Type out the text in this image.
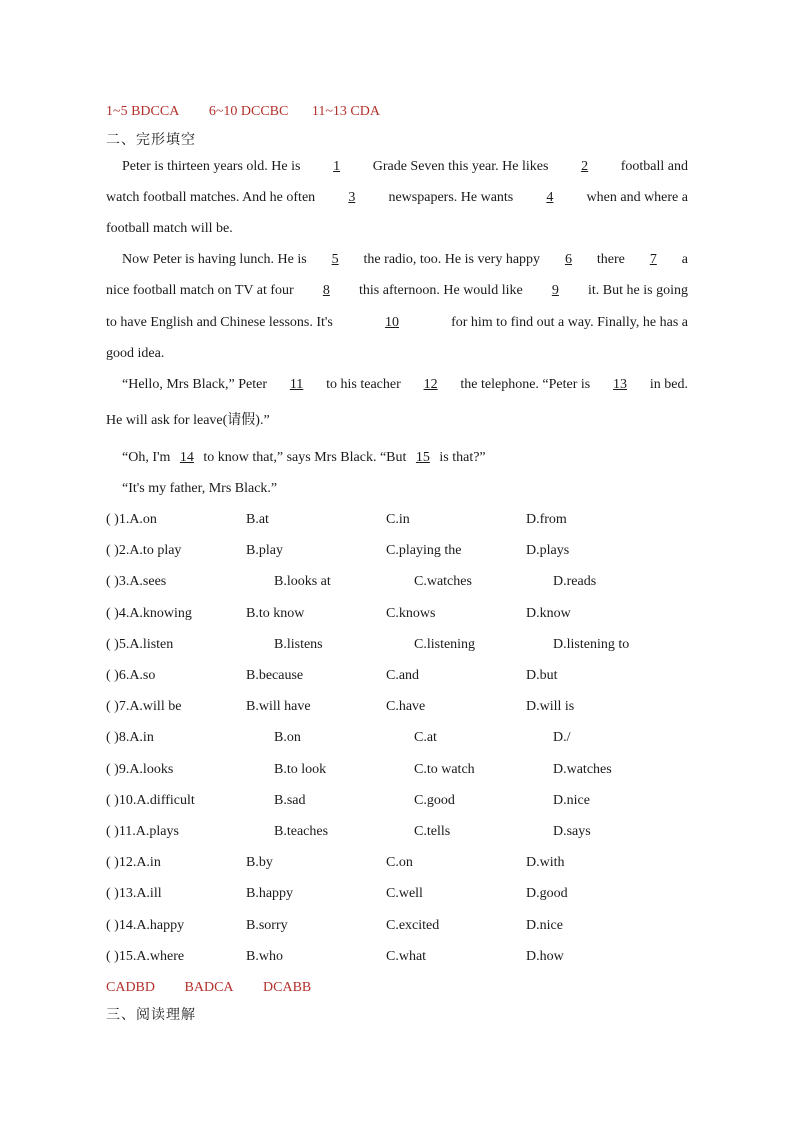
1~5 BDCCA 6~10 DCCBC 11~13 CDA
二、完形填空
Peter is thirteen years old. He is 1 Grade Seven this year. He likes 2 football and
watch football matches. And he often 3 newspapers. He wants 4 when and where a
football match will be.
Now Peter is having lunch. He is 5 the radio, too. He is very happy 6 there 7 a
nice football match on TV at four 8 this afternoon. He would like 9 it. But he is going
to have English and Chinese lessons. It's	10	for him to find out a way. Finally, he has a
good idea.
“Hello, Mrs Black,” Peter 11 to his teacher 12 the telephone. “Peter is 13 in bed.
He will ask for leave(请假).”
“Oh, I'm 14 to know that,” says Mrs Black. “But 15 is that?”
“It's my father, Mrs Black.”
( )1.A.on	B.at	C.in	D.from
( )2.A.to play	B.play	C.playing the	D.plays
( )3.A.sees	B.looks at	C.watches	D.reads
( )4.A.knowing	B.to know	C.knows	D.know
( )5.A.listen	B.listens	C.listening	D.listening to
( )6.A.so	B.because	C.and	D.but
( )7.A.will be	B.will have	C.have	D.will is
( )8.A.in	B.on	C.at	D./
( )9.A.looks	B.to look	C.to watch	D.watches
( )10.A.difficult	B.sad	C.good	D.nice
( )11.A.plays	B.teaches	C.tells	D.says
( )12.A.in	B.by	C.on	D.with
( )13.A.ill	B.happy	C.well	D.good
( )14.A.happy	B.sorry	C.excited	D.nice
( )15.A.where	B.who	C.what	D.how
CADBD BADCA DCABB
三、阅读理解
